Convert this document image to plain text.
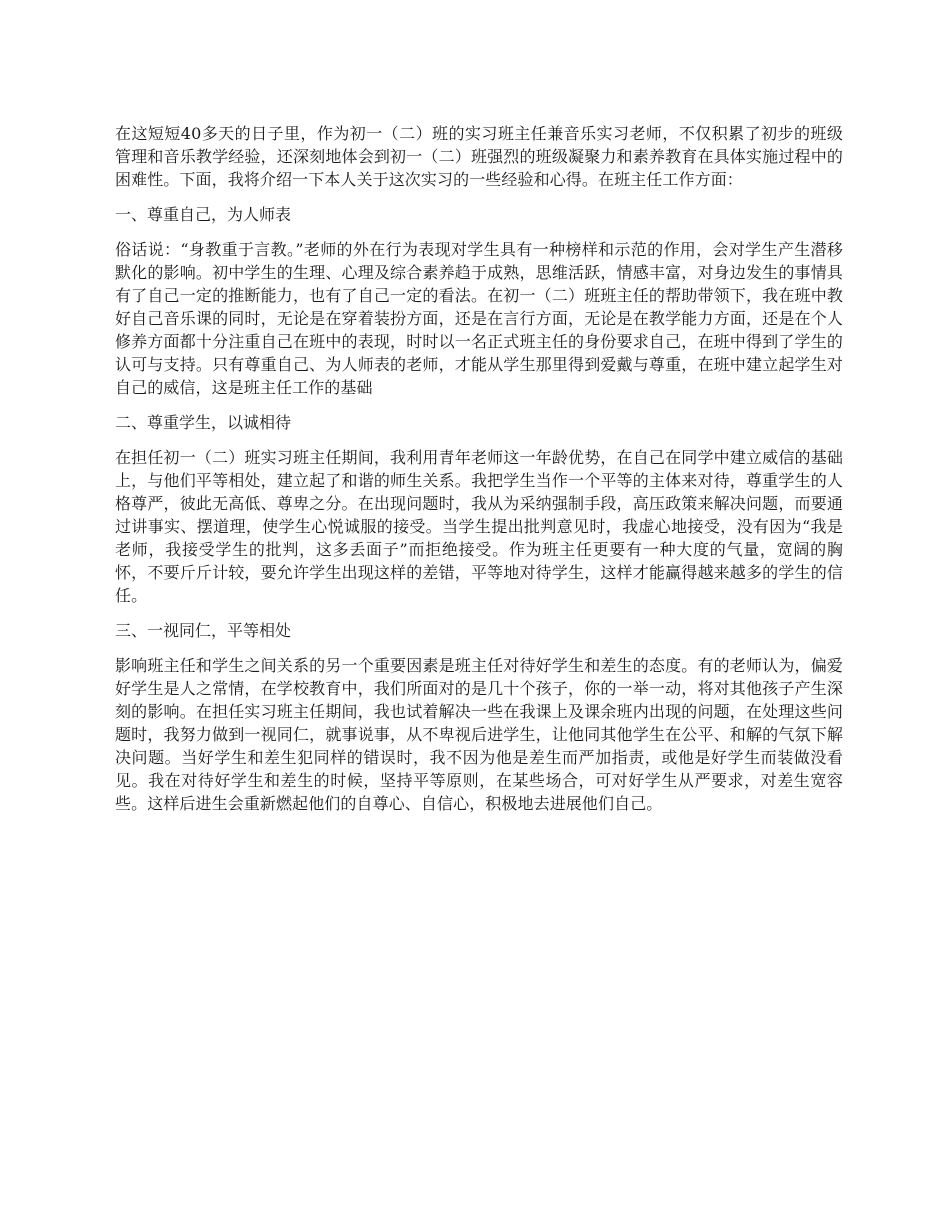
在这短短40多天的日子里，作为初一（二）班的实习班主任兼音乐实习老师，不仅积累了初步的班级管理和音乐教学经验，还深刻地体会到初一（二）班强烈的班级凝聚力和素养教育在具体实施过程中的困难性。下面，我将介绍一下本人关于这次实习的一些经验和心得。在班主任工作方面：

一、尊重自己，为人师表

俗话说：“身教重于言教。”老师的外在行为表现对学生具有一种榜样和示范的作用，会对学生产生潜移默化的影响。初中学生的生理、心理及综合素养趋于成熟，思维活跃，情感丰富，对身边发生的事情具有了自己一定的推断能力，也有了自己一定的看法。在初一（二）班班主任的帮助带领下，我在班中教好自己音乐课的同时，无论是在穿着装扮方面，还是在言行方面，无论是在教学能力方面，还是在个人修养方面都十分注重自己在班中的表现，时时以一名正式班主任的身份要求自己，在班中得到了学生的认可与支持。只有尊重自己、为人师表的老师，才能从学生那里得到爱戴与尊重，在班中建立起学生对自己的威信，这是班主任工作的基础

二、尊重学生，以诚相待

在担任初一（二）班实习班主任期间，我利用青年老师这一年龄优势，在自己在同学中建立威信的基础上，与他们平等相处，建立起了和谐的师生关系。我把学生当作一个平等的主体来对待，尊重学生的人格尊严，彼此无高低、尊卑之分。在出现问题时，我从为采纳强制手段，高压政策来解决问题，而要通过讲事实、摆道理，使学生心悦诚服的接受。当学生提出批判意见时，我虚心地接受，没有因为“我是老师，我接受学生的批判，这多丢面子”而拒绝接受。作为班主任更要有一种大度的气量，宽阔的胸怀，不要斤斤计较，要允许学生出现这样的差错，平等地对待学生，这样才能赢得越来越多的学生的信任。

三、一视同仁，平等相处

影响班主任和学生之间关系的另一个重要因素是班主任对待好学生和差生的态度。有的老师认为，偏爱好学生是人之常情，在学校教育中，我们所面对的是几十个孩子，你的一举一动，将对其他孩子产生深刻的影响。在担任实习班主任期间，我也试着解决一些在我课上及课余班内出现的问题，在处理这些问题时，我努力做到一视同仁，就事说事，从不卑视后进学生，让他同其他学生在公平、和解的气氛下解决问题。当好学生和差生犯同样的错误时，我不因为他是差生而严加指责，或他是好学生而装做没看见。我在对待好学生和差生的时候，坚持平等原则，在某些场合，可对好学生从严要求，对差生宽容些。这样后进生会重新燃起他们的自尊心、自信心，积极地去进展他们自己。
